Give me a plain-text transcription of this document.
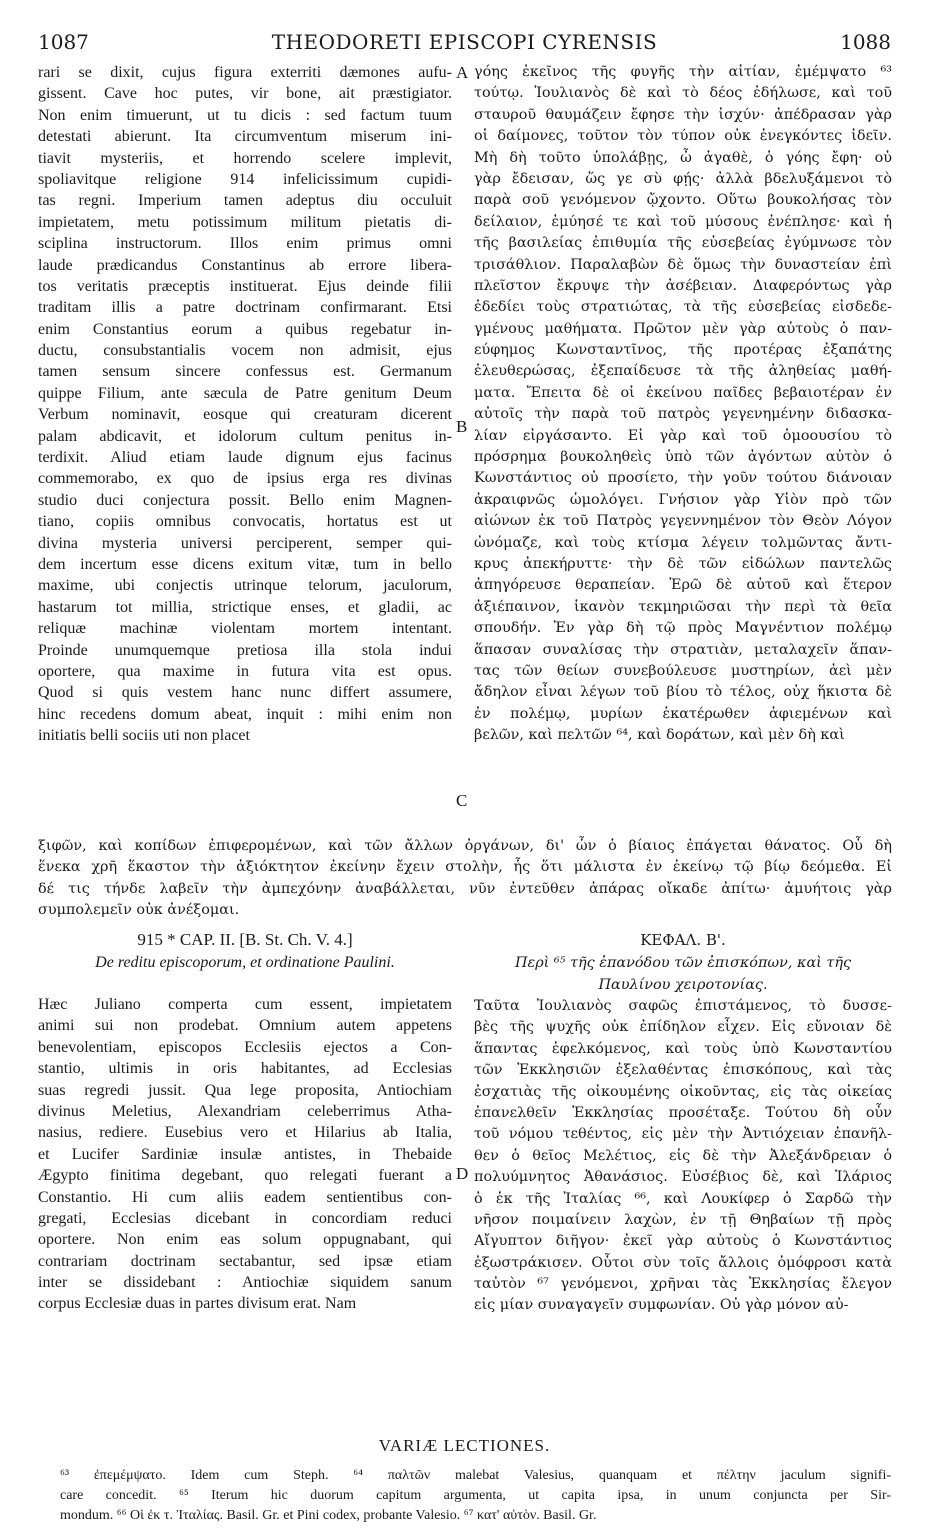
1087	THEODORETI EPISCOPI CYRENSIS	1088
A
B
C
D
rari se dixit, cujus figura exterriti dæmones aufu-
gissent. Cave hoc putes, vir bone, ait præstigiator.
Non enim timuerunt, ut tu dicis : sed factum tuum
detestati abierunt. Ita circumventum miserum ini-
tiavit mysteriis, et horrendo scelere implevit,
spoliavitque religione 914 infelicissimum cupidi-
tas regni. Imperium tamen adeptus diu occuluit
impietatem, metu potissimum militum pietatis di-
sciplina instructorum. Illos enim primus omni
laude prædicandus Constantinus ab errore libera-
tos veritatis præceptis instituerat. Ejus deinde filii
traditam illis a patre doctrinam confirmarant. Etsi
enim Constantius eorum a quibus regebatur in-
ductu, consubstantialis vocem non admisit, ejus
tamen sensum sincere confessus est. Germanum
quippe Filium, ante sæcula de Patre genitum Deum
Verbum nominavit, eosque qui creaturam dicerent
palam abdicavit, et idolorum cultum penitus in-
terdixit. Aliud etiam laude dignum ejus facinus
commemorabo, ex quo de ipsius erga res divinas
studio duci conjectura possit. Bello enim Magnen-
tiano, copiis omnibus convocatis, hortatus est ut
divina mysteria universi perciperent, semper qui-
dem incertum esse dicens exitum vitæ, tum in bello
maxime, ubi conjectis utrinque telorum, jaculorum,
hastarum tot millia, strictique enses, et gladii, ac
reliquæ machinæ violentam mortem intentant.
Proinde unumquemque pretiosa illa stola indui
oportere, qua maxime in futura vita est opus.
Quod si quis vestem hanc nunc differt assumere,
hinc recedens domum abeat, inquit : mihi enim non
initiatis belli sociis uti non placet
γόης ἐκεῖνος τῆς φυγῆς τὴν αἰτίαν, ἐμέμψατο ⁶³
τούτῳ. Ἰουλιανὸς δὲ καὶ τὸ δέος ἐδήλωσε, καὶ τοῦ
σταυροῦ θαυμάζειν ἔφησε τὴν ἰσχύν· ἀπέδρασαν γὰρ
οἱ δαίμονες, τοῦτον τὸν τύπον οὐκ ἐνεγκόντες ἰδεῖν.
Μὴ δὴ τοῦτο ὑπολάβῃς, ὦ ἀγαθὲ, ὁ γόης ἔφη· οὐ
γὰρ ἔδεισαν, ὥς γε σὺ φῄς· ἀλλὰ βδελυξάμενοι τὸ
παρὰ σοῦ γενόμενον ᾤχοντο. Οὕτω βουκολήσας τὸν
δείλαιον, ἐμύησέ τε καὶ τοῦ μύσους ἐνέπλησε· καὶ ἡ
τῆς βασιλείας ἐπιθυμία τῆς εὐσεβείας ἐγύμνωσε τὸν
τρισάθλιον. Παραλαβὼν δὲ ὅμως τὴν δυναστείαν ἐπὶ
πλεῖστον ἔκρυψε τὴν ἀσέβειαν. Διαφερόντως γὰρ
ἐδεδίει τοὺς στρατιώτας, τὰ τῆς εὐσεβείας εἰσδεδε-
γμένους μαθήματα. Πρῶτον μὲν γὰρ αὐτοὺς ὁ παν-
εύφημος Κωνσταντῖνος, τῆς προτέρας ἐξαπάτης
ἐλευθερώσας, ἐξεπαίδευσε τὰ τῆς ἀληθείας μαθή-
ματα. Ἔπειτα δὲ οἱ ἐκείνου παῖδες βεβαιοτέραν ἐν
αὐτοῖς τὴν παρὰ τοῦ πατρὸς γεγενημένην διδασκα-
λίαν εἰργάσαντο. Εἰ γὰρ καὶ τοῦ ὁμοουσίου τὸ
πρόσρημα βουκοληθεὶς ὑπὸ τῶν ἀγόντων αὐτὸν ὁ
Κωνστάντιος οὐ προσίετο, τὴν γοῦν τούτου διάνοιαν
ἀκραιφνῶς ὡμολόγει. Γνήσιον γὰρ Υἱὸν πρὸ τῶν
αἰώνων ἐκ τοῦ Πατρὸς γεγεννημένον τὸν Θεὸν Λόγον
ὠνόμαζε, καὶ τοὺς κτίσμα λέγειν τολμῶντας ἄντι-
κρυς ἀπεκήρυττε· τὴν δὲ τῶν εἰδώλων παντελῶς
ἀπηγόρευσε θεραπείαν. Ἐρῶ δὲ αὐτοῦ καὶ ἕτερον
ἀξιέπαινον, ἱκανὸν τεκμηριῶσαι τὴν περὶ τὰ θεῖα
σπουδήν. Ἐν γὰρ δὴ τῷ πρὸς Μαγνέντιον πολέμῳ
ἅπασαν συναλίσας τὴν στρατιὰν, μεταλαχεῖν ἅπαν-
τας τῶν θείων συνεβούλευσε μυστηρίων, ἀεὶ μὲν
ἄδηλον εἶναι λέγων τοῦ βίου τὸ τέλος, οὐχ ἥκιστα δὲ
ἐν πολέμῳ, μυρίων ἑκατέρωθεν ἀφιεμένων καὶ
βελῶν, καὶ πελτῶν ⁶⁴, καὶ δοράτων, καὶ μὲν δὴ καὶ
ξιφῶν, καὶ κοπίδων ἐπιφερομένων, καὶ τῶν ἄλλων ὀργάνων, δι' ὧν ὁ βίαιος ἐπάγεται θάνατος. Οὗ δὴ
ἕνεκα χρῆ ἕκαστον τὴν ἀξιόκτητον ἐκείνην ἔχειν στολὴν, ἧς ὅτι μάλιστα ἐν ἐκείνῳ τῷ βίῳ δεόμεθα. Εἰ
δέ τις τήνδε λαβεῖν τὴν ἀμπεχόνην ἀναβάλλεται, νῦν ἐντεῦθεν ἀπάρας οἴκαδε ἀπίτω· ἀμυήτοις γὰρ
συμπολεμεῖν οὐκ ἀνέξομαι.
915 * CAP. II. [B. St. Ch. V. 4.]
De reditu episcoporum, et ordinatione Paulini.
Hæc Juliano comperta cum essent, impietatem
animi sui non prodebat. Omnium autem appetens
benevolentiam, episcopos Ecclesiis ejectos a Con-
stantio, ultimis in oris habitantes, ad Ecclesias
suas regredi jussit. Qua lege proposita, Antiochiam
divinus Meletius, Alexandriam celeberrimus Atha-
nasius, rediere. Eusebius vero et Hilarius ab Italia,
et Lucifer Sardiniæ insulæ antistes, in Thebaide
Ægypto finitima degebant, quo relegati fuerant a
Constantio. Hi cum aliis eadem sentientibus con-
gregati, Ecclesias dicebant in concordiam reduci
oportere. Non enim eas solum oppugnabant, qui
contrariam doctrinam sectabantur, sed ipsæ etiam
inter se dissidebant : Antiochiæ siquidem sanum
corpus Ecclesiæ duas in partes divisum erat. Nam
ΚΕΦΑΛ. Β'.
Περὶ ⁶⁵ τῆς ἐπανόδου τῶν ἐπισκόπων, καὶ τῆς
Παυλίνου χειροτονίας.
Ταῦτα Ἰουλιανὸς σαφῶς ἐπιστάμενος, τὸ δυσσε-
βὲς τῆς ψυχῆς οὐκ ἐπίδηλον εἶχεν. Εἰς εὔνοιαν δὲ
ἅπαντας ἐφελκόμενος, καὶ τοὺς ὑπὸ Κωνσταντίου
τῶν Ἐκκλησιῶν ἐξελαθέντας ἐπισκόπους, καὶ τὰς
ἐσχατιὰς τῆς οἰκουμένης οἰκοῦντας, εἰς τὰς οἰκείας
ἐπανελθεῖν Ἐκκλησίας προσέταξε. Τούτου δὴ οὖν
τοῦ νόμου τεθέντος, εἰς μὲν τὴν Ἀντιόχειαν ἐπανῆλ-
θεν ὁ θεῖος Μελέτιος, εἰς δὲ τὴν Ἀλεξάνδρειαν ὁ
πολυύμνητος Ἀθανάσιος. Εὐσέβιος δὲ, καὶ Ἱλάριος
ὁ ἐκ τῆς Ἰταλίας ⁶⁶, καὶ Λουκίφερ ὁ Σαρδῶ τὴν
νῆσον ποιμαίνειν λαχὼν, ἐν τῇ Θηβαίων τῇ πρὸς
Αἴγυπτον διῆγον· ἐκεῖ γὰρ αὐτοὺς ὁ Κωνστάντιος
ἐξωστράκισεν. Οὗτοι σὺν τοῖς ἄλλοις ὁμόφροσι κατὰ
ταὐτὸν ⁶⁷ γενόμενοι, χρῆναι τὰς Ἐκκλησίας ἔλεγον
εἰς μίαν συναγαγεῖν συμφωνίαν. Οὐ γὰρ μόνον αὐ-
VARIÆ LECTIONES.
⁶³ ἐπεμέμψατο. Idem cum Steph. ⁶⁴ παλτῶν malebat Valesius, quanquam et πέλτην jaculum signifi-
care concedit. ⁶⁵ Iterum hic duorum capitum argumenta, ut capita ipsa, in unum conjuncta per Sir-
mondum. ⁶⁶ Οἱ ἐκ τ. Ἰταλίας. Basil. Gr. et Pini codex, probante Valesio. ⁶⁷ κατ' αὐτὸν. Basil. Gr.
